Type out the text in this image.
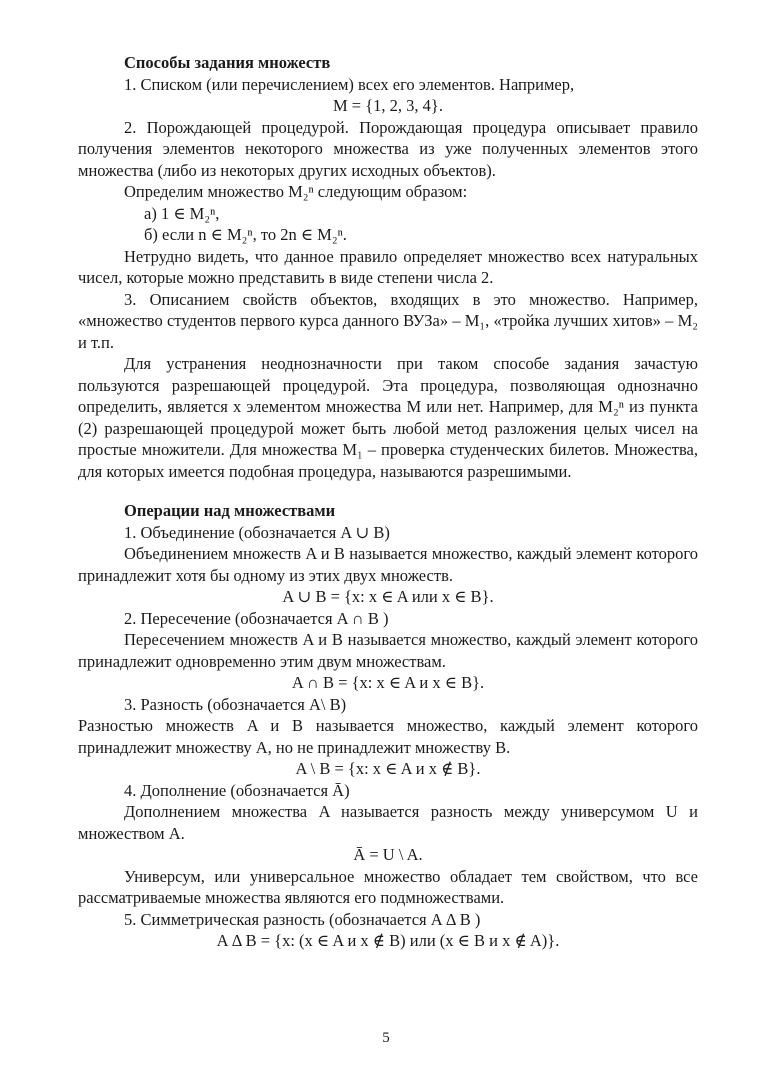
Способы задания множеств

1. Списком (или перечислением) всех его элементов. Например,

M = {1, 2, 3, 4}.

2. Порождающей процедурой. Порождающая процедура описывает правило получения элементов некоторого множества из уже полученных элементов этого множества (либо из некоторых других исходных объектов).

Определим множество M₂ⁿ следующим образом:

а) 1 ∈ M₂ⁿ,

б) если n ∈ M₂ⁿ, то 2n ∈ M₂ⁿ.

Нетрудно видеть, что данное правило определяет множество всех натуральных чисел, которые можно представить в виде степени числа 2.

3. Описанием свойств объектов, входящих в это множество. Например, «множество студентов первого курса данного ВУЗа» – M₁, «тройка лучших хитов» – M₂ и т.п.

Для устранения неоднозначности при таком способе задания зачастую пользуются разрешающей процедурой. Эта процедура, позволяющая однозначно определить, является x элементом множества M или нет. Например, для M₂ⁿ из пункта (2) разрешающей процедурой может быть любой метод разложения целых чисел на простые множители. Для множества M₁ – проверка студенческих билетов. Множества, для которых имеется подобная процедура, называются разрешимыми.

Операции над множествами

1. Объединение (обозначается A ∪ B)

Объединением множеств A и B называется множество, каждый элемент которого принадлежит хотя бы одному из этих двух множеств.

A ∪ B = {x: x ∈ A или x ∈ B}.

2. Пересечение (обозначается A ∩ B )

Пересечением множеств A и B называется множество, каждый элемент которого принадлежит одновременно этим двум множествам.

A ∩ B = {x: x ∈ A и x ∈ B}.

3. Разность (обозначается A\ B)

Разностью множеств A и B называется множество, каждый элемент которого принадлежит множеству A, но не принадлежит множеству B.

A \ B = {x: x ∈ A и x ∉ B}.

4. Дополнение (обозначается Ā)

Дополнением множества A называется разность между универсумом U и множеством A.

Ā = U \ A.

Универсум, или универсальное множество обладает тем свойством, что все рассматриваемые множества являются его подмножествами.

5. Симметрическая разность (обозначается A Δ B )

A Δ B = {x: (x ∈ A и x ∉ B) или (x ∈ B и x ∉ A)}.

5
